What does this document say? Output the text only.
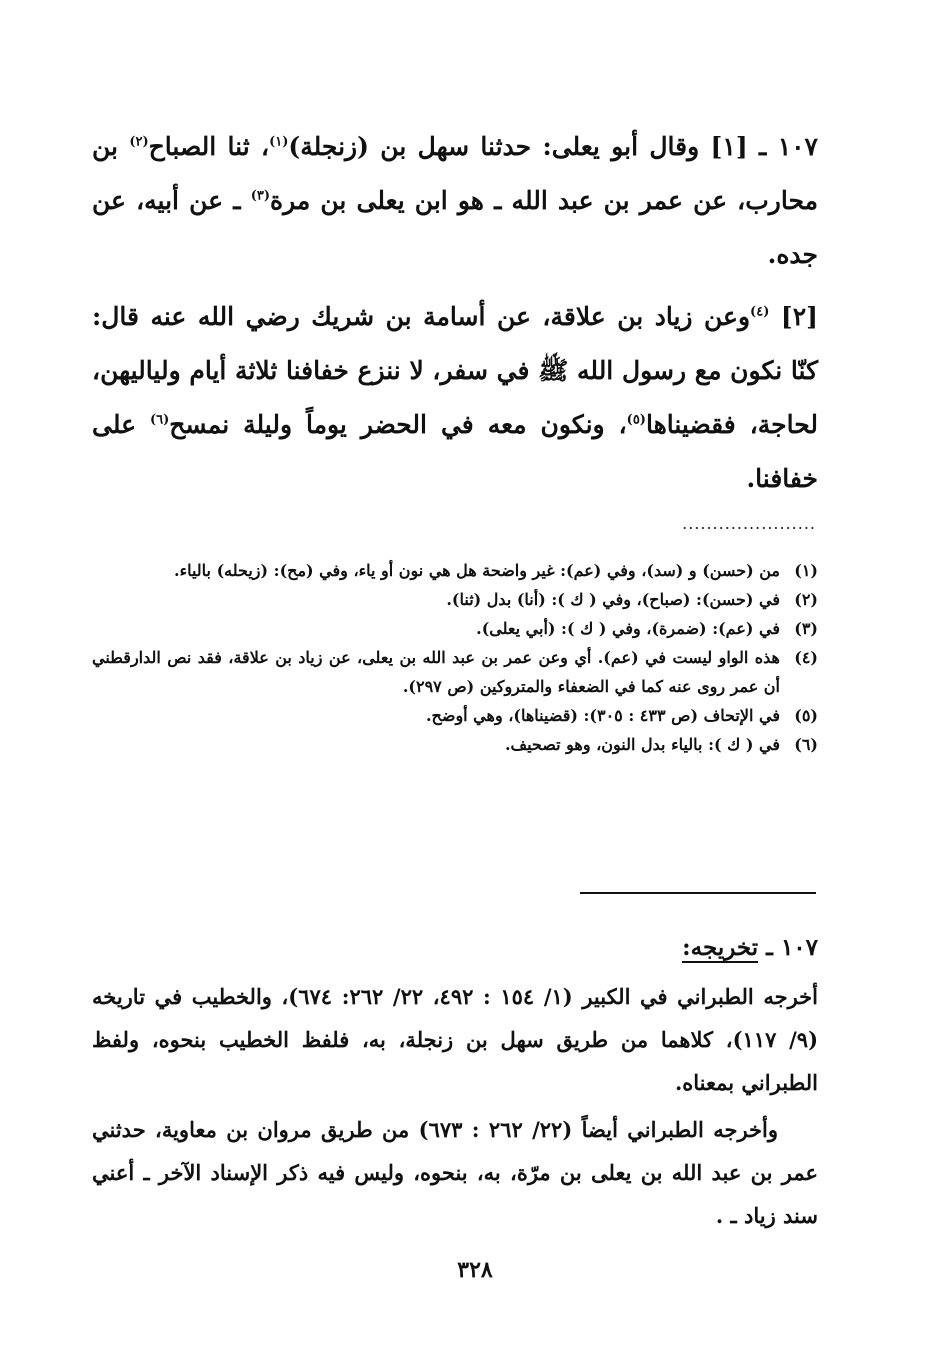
١٠٧ ـ [١] وقال أبو يعلى: حدثنا سهل بن (زنجلة)$^{(١)}$، ثنا الصباح$^{(٢)}$ بن محارب، عن عمر بن عبد الله ـ هو ابن يعلى بن مرة$^{(٣)}$ ـ عن أبيه، عن جده.
[٢] $^{(٤)}$وعن زياد بن علاقة، عن أسامة بن شريك رضي الله عنه قال: كنّا نكون مع رسول الله ﷺ في سفر، لا ننزع خفافنا ثلاثة أيام ولياليهن، لحاجة، فقضيناها$^{(٥)}$، ونكون معه في الحضر يوماً وليلة نمسح$^{(٦)}$ على خفافنا.
......................
(١)
من (حسن) و (سد)، وفي (عم): غير واضحة هل هي نون أو ياء، وفي (مح): (زيحله) بالياء.
(٢)
في (حسن): (صباح)، وفي ( ك ): (أنا) بدل (ثنا).
(٣)
في (عم): (ضمرة)، وفي ( ك ): (أبي يعلى).
(٤)
هذه الواو ليست في (عم). أي وعن عمر بن عبد الله بن يعلى، عن زياد بن علاقة، فقد نص الدارقطني أن عمر روى عنه كما في الضعفاء والمتروكين (ص ٢٩٧).
(٥)
في الإتحاف (ص ٤٣٣ : ٣٠٥): (قضيناها)، وهي أوضح.
(٦)
في ( ك ): بالياء بدل النون، وهو تصحيف.
١٠٧ ـ تخريجه:

أخرجه الطبراني في الكبير (١/ ١٥٤ : ٤٩٢، ٢٢/ ٢٦٢: ٦٧٤)، والخطيب في تاريخه (٩/ ١١٧)، كلاهما من طريق سهل بن زنجلة، به، فلفظ الخطيب بنحوه، ولفظ الطبراني بمعناه.

وأخرجه الطبراني أيضاً (٢٢/ ٢٦٢ : ٦٧٣) من طريق مروان بن معاوية، حدثني عمر بن عبد الله بن يعلى بن مرّة، به، بنحوه، وليس فيه ذكر الإسناد الآخر ـ أعني سند زياد ـ .

٣٢٨
